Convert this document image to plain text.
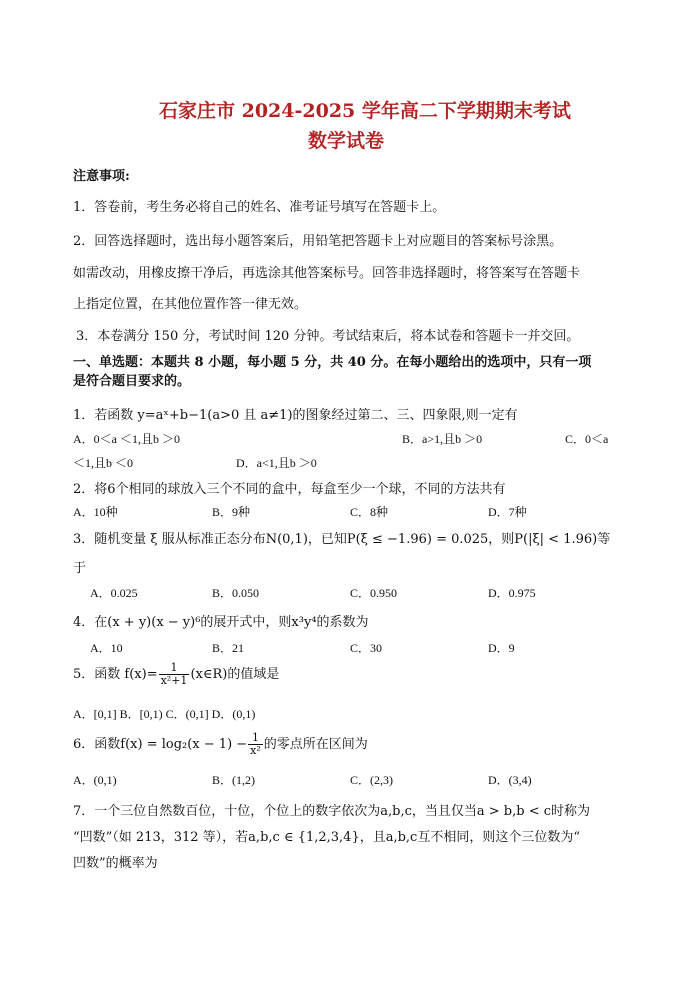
石家庄市 2024-2025 学年高二下学期期末考试
数学试卷
注意事项:
1．答卷前，考生务必将自己的姓名、准考证号填写在答题卡上。
2．回答选择题时，选出每小题答案后，用铅笔把答题卡上对应题目的答案标号涂黑。
如需改动，用橡皮擦干净后，再选涂其他答案标号。回答非选择题时，将答案写在答题卡
上指定位置，在其他位置作答一律无效。
3．本卷满分 150 分，考试时间 120 分钟。考试结束后，将本试卷和答题卡一并交回。
一、单选题：本题共 8 小题，每小题 5 分，共 40 分。在每小题给出的选项中，只有一项
是符合题目要求的。
1．若函数 y=aˣ+b−1(a>0 且 a≠1)的图象经过第二、三、四象限,则一定有
A．0＜a ＜1,且b ＞0	B．a>1,且b ＞0	C．0＜a
＜1,且b ＜0	D．a<1,且b ＞0
2．将6个相同的球放入三个不同的盒中，每盒至少一个球，不同的方法共有
A．10种	B．9种	C．8种	D．7种
3．随机变量 ξ 服从标准正态分布N(0,1)，已知P(ξ ≤ −1.96) = 0.025，则P(|ξ| < 1.96)等
于
A．0.025	B．0.050	C．0.950	D．0.975
4．在(x + y)(x − y)⁶的展开式中，则x³y⁴的系数为
A．10	B．21	C．30	D．9
5．函数 $f(x)= \frac{1}{\text{x²+1}}$ (x∈R)的值域是
A．[0,1] B．[0,1) C．(0,1] D．(0,1)
6．函数$f(x) = \log_2(x - 1) - \frac{1}{\text{x²}}$ 的零点所在区间为
A．(0,1)	B．(1,2)	C．(2,3)	D．(3,4)
7．一个三位自然数百位，十位，个位上的数字依次为a,b,c，当且仅当a > b,b < c时称为
“凹数”（如 213，312 等），若a,b,c ∈ {1,2,3,4}，且a,b,c互不相同，则这个三位数为“
凹数”的概率为
